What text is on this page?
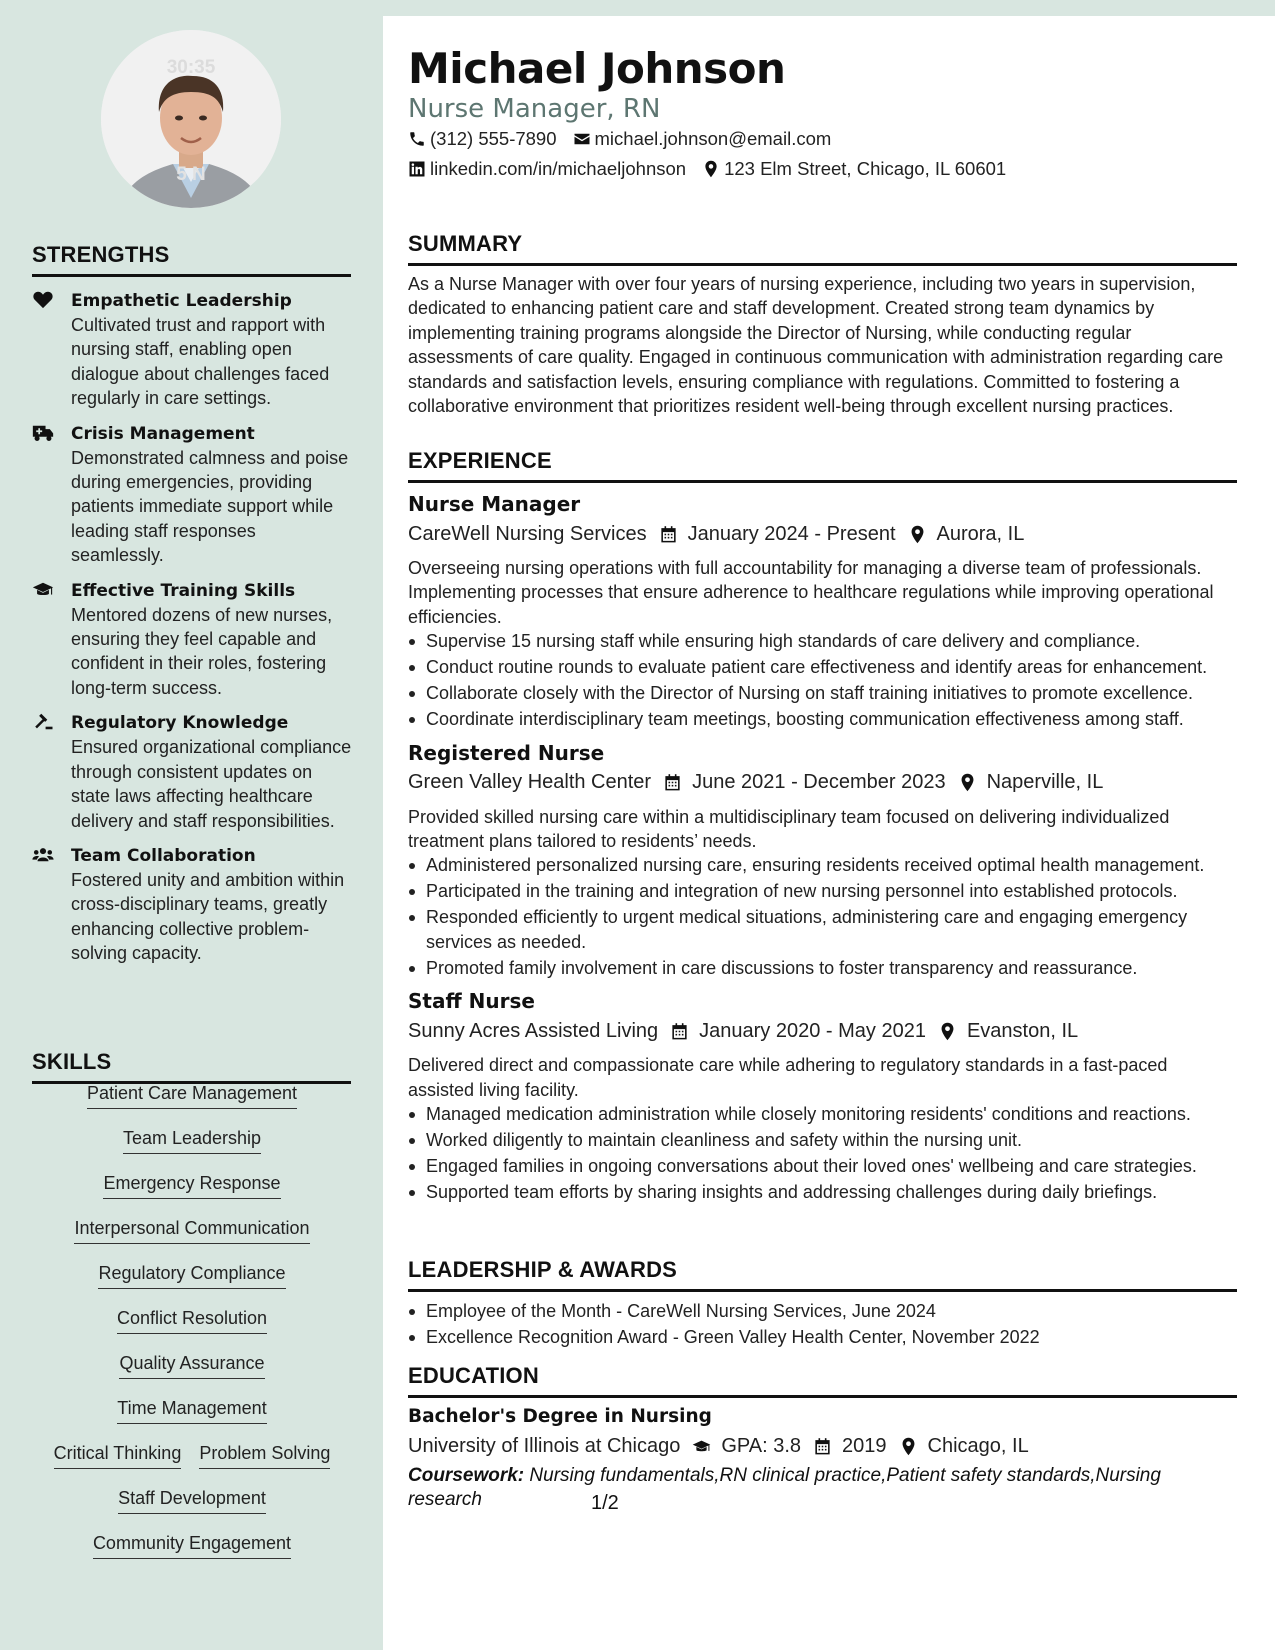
30:35
5 N
STRENGTHS
Empathetic Leadership
Cultivated trust and rapport with nursing staff, enabling open dialogue about challenges faced regularly in care settings.
Crisis Management
Demonstrated calmness and poise during emergencies, providing patients immediate support while leading staff responses seamlessly.
Effective Training Skills
Mentored dozens of new nurses, ensuring they feel capable and confident in their roles, fostering long-term success.
Regulatory Knowledge
Ensured organizational compliance through consistent updates on state laws affecting healthcare delivery and staff responsibilities.
Team Collaboration
Fostered unity and ambition within cross-disciplinary teams, greatly enhancing collective problem-solving capacity.
SKILLS
Patient Care Management
Team Leadership
Emergency Response
Interpersonal Communication
Regulatory Compliance
Conflict Resolution
Quality Assurance
Time Management
Critical Thinking Problem Solving
Staff Development
Community Engagement
Michael Johnson
Nurse Manager, RN
(312) 555-7890 michael.johnson@email.com
linkedin.com/in/michaeljohnson 123 Elm Street, Chicago, IL 60601
SUMMARY
As a Nurse Manager with over four years of nursing experience, including two years in supervision, dedicated to enhancing patient care and staff development. Created strong team dynamics by implementing training programs alongside the Director of Nursing, while conducting regular assessments of care quality. Engaged in continuous communication with administration regarding care standards and satisfaction levels, ensuring compliance with regulations. Committed to fostering a collaborative environment that prioritizes resident well-being through excellent nursing practices.
EXPERIENCE
Nurse Manager
CareWell Nursing Services January 2024 - Present Aurora, IL
Overseeing nursing operations with full accountability for managing a diverse team of professionals. Implementing processes that ensure adherence to healthcare regulations while improving operational efficiencies.
Supervise 15 nursing staff while ensuring high standards of care delivery and compliance.
Conduct routine rounds to evaluate patient care effectiveness and identify areas for enhancement.
Collaborate closely with the Director of Nursing on staff training initiatives to promote excellence.
Coordinate interdisciplinary team meetings, boosting communication effectiveness among staff.
Registered Nurse
Green Valley Health Center June 2021 - December 2023 Naperville, IL
Provided skilled nursing care within a multidisciplinary team focused on delivering individualized treatment plans tailored to residents’ needs.
Administered personalized nursing care, ensuring residents received optimal health management.
Participated in the training and integration of new nursing personnel into established protocols.
Responded efficiently to urgent medical situations, administering care and engaging emergency services as needed.
Promoted family involvement in care discussions to foster transparency and reassurance.
Staff Nurse
Sunny Acres Assisted Living January 2020 - May 2021 Evanston, IL
Delivered direct and compassionate care while adhering to regulatory standards in a fast-paced assisted living facility.
Managed medication administration while closely monitoring residents' conditions and reactions.
Worked diligently to maintain cleanliness and safety within the nursing unit.
Engaged families in ongoing conversations about their loved ones' wellbeing and care strategies.
Supported team efforts by sharing insights and addressing challenges during daily briefings.
LEADERSHIP & AWARDS
Employee of the Month - CareWell Nursing Services, June 2024
Excellence Recognition Award - Green Valley Health Center, November 2022
EDUCATION
Bachelor's Degree in Nursing
University of Illinois at Chicago GPA: 3.8 2019 Chicago, IL
Coursework: Nursing fundamentals,RN clinical practice,Patient safety standards,Nursing research	1/2
